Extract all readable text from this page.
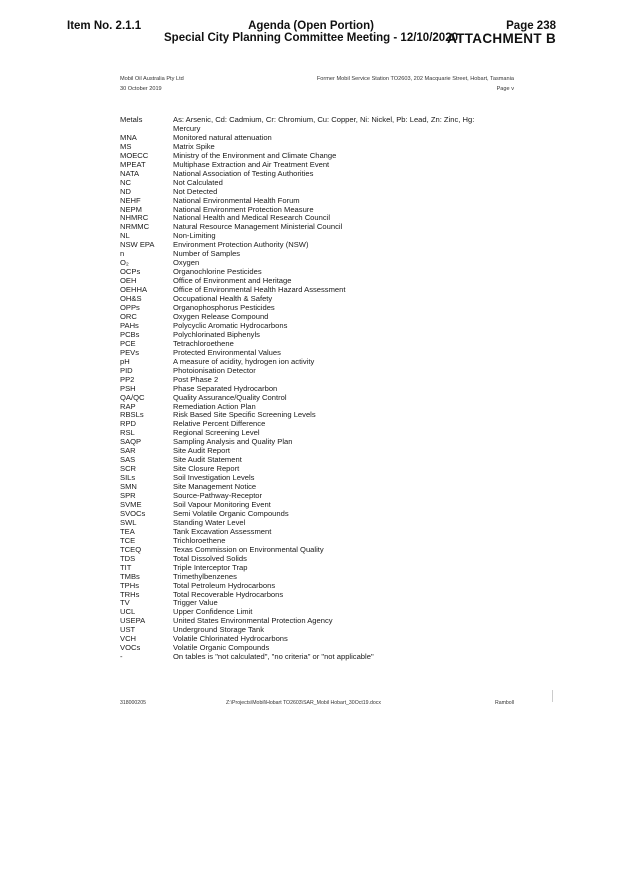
Item No. 2.1.1	Agenda (Open Portion)
Special City Planning Committee Meeting - 12/10/2020
Page 238
ATTACHMENT B
Mobil Oil Australia Pty Ltd
30 October 2019
Former Mobil Service Station TO2603, 202 Macquarie Street, Hobart, Tasmania
Page v
Metals	As: Arsenic, Cd: Cadmium, Cr: Chromium, Cu: Copper, Ni: Nickel, Pb: Lead, Zn: Zinc, Hg:
Mercury
MNA	Monitored natural attenuation
MS	Matrix Spike
MOECC	Ministry of the Environment and Climate Change
MPEAT	Multiphase Extraction and Air Treatment Event
NATA	National Association of Testing Authorities
NC	Not Calculated
ND	Not Detected
NEHF	National Environmental Health Forum
NEPM	National Environment Protection Measure
NHMRC	National Health and Medical Research Council
NRMMC	Natural Resource Management Ministerial Council
NL	Non-Limiting
NSW EPA	Environment Protection Authority (NSW)
n	Number of Samples
O₂	Oxygen
OCPs	Organochlorine Pesticides
OEH	Office of Environment and Heritage
OEHHA	Office of Environmental Health Hazard Assessment
OH&S	Occupational Health & Safety
OPPs	Organophosphorus Pesticides
ORC	Oxygen Release Compound
PAHs	Polycyclic Aromatic Hydrocarbons
PCBs	Polychlorinated Biphenyls
PCE	Tetrachloroethene
PEVs	Protected Environmental Values
pH	A measure of acidity, hydrogen ion activity
PID	Photoionisation Detector
PP2	Post Phase 2
PSH	Phase Separated Hydrocarbon
QA/QC	Quality Assurance/Quality Control
RAP	Remediation Action Plan
RBSLs	Risk Based Site Specific Screening Levels
RPD	Relative Percent Difference
RSL	Regional Screening Level
SAQP	Sampling Analysis and Quality Plan
SAR	Site Audit Report
SAS	Site Audit Statement
SCR	Site Closure Report
SILs	Soil Investigation Levels
SMN	Site Management Notice
SPR	Source-Pathway-Receptor
SVME	Soil Vapour Monitoring Event
SVOCs	Semi Volatile Organic Compounds
SWL	Standing Water Level
TEA	Tank Excavation Assessment
TCE	Trichloroethene
TCEQ	Texas Commission on Environmental Quality
TDS	Total Dissolved Solids
TIT	Triple Interceptor Trap
TMBs	Trimethylbenzenes
TPHs	Total Petroleum Hydrocarbons
TRHs	Total Recoverable Hydrocarbons
TV	Trigger Value
UCL	Upper Confidence Limit
USEPA	United States Environmental Protection Agency
UST	Underground Storage Tank
VCH	Volatile Chlorinated Hydrocarbons
VOCs	Volatile Organic Compounds
-	On tables is "not calculated", "no criteria" or "not applicable"
318000205	Z:\Projects\Mobil\Hobart TO2603\SAR_Mobil Hobart_30Oct19.docx	Ramboll
